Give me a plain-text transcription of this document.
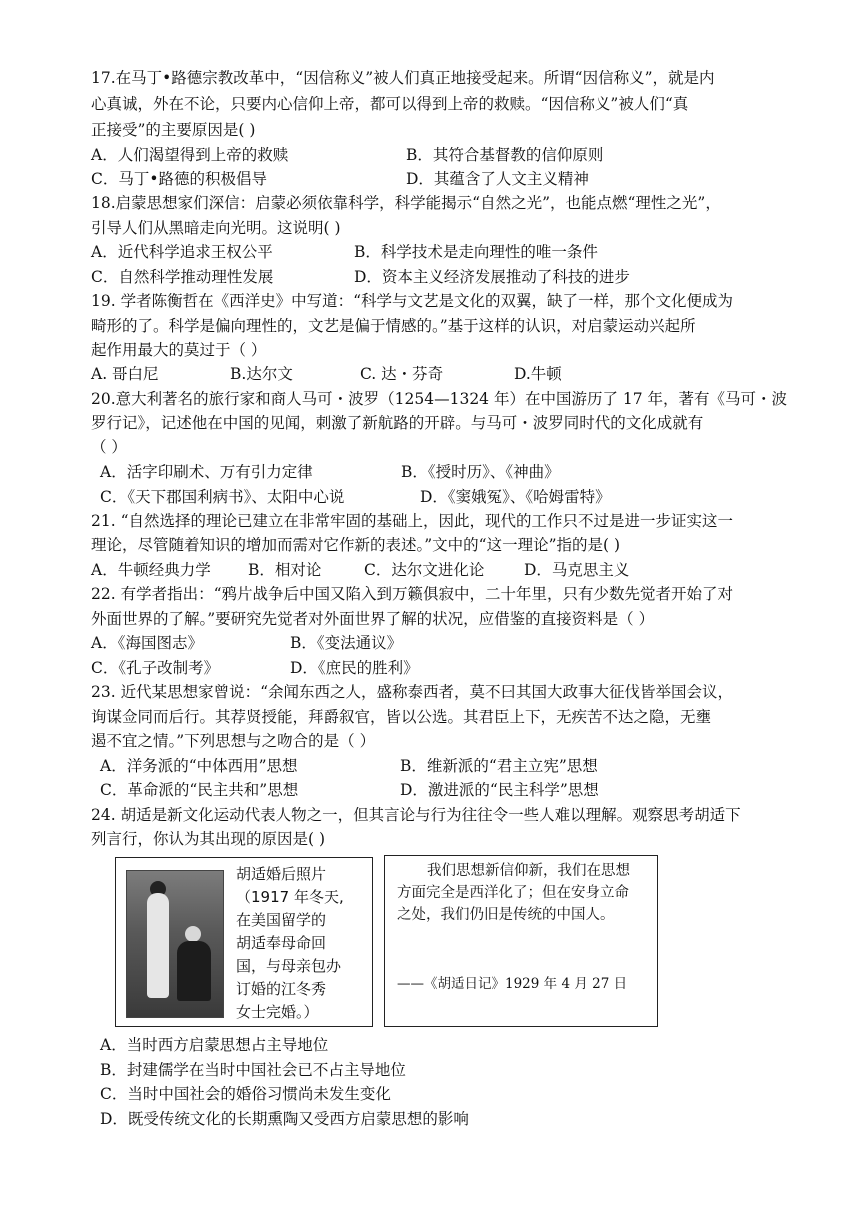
17.在马丁•路德宗教改革中，“因信称义”被人们真正地接受起来。所谓“因信称义”，就是内
心真诚，外在不论，只要内心信仰上帝，都可以得到上帝的救赎。“因信称义”被人们“真
正接受”的主要原因是( )
A．人们渴望得到上帝的救赎	B．其符合基督教的信仰原则
C．马丁•路德的积极倡导	D．其蕴含了人文主义精神
18.启蒙思想家们深信：启蒙必须依靠科学，科学能揭示“自然之光”，也能点燃“理性之光”，
引导人们从黑暗走向光明。这说明( )
A．近代科学追求王权公平	B．科学技术是走向理性的唯一条件
C．自然科学推动理性发展	D．资本主义经济发展推动了科技的进步
19. 学者陈衡哲在《西洋史》中写道：“科学与文艺是文化的双翼，缺了一样，那个文化便成为
畸形的了。科学是偏向理性的，文艺是偏于情感的。”基于这样的认识，对启蒙运动兴起所
起作用最大的莫过于（ ）
A. 哥白尼	B.达尔文	C. 达・芬奇	D.牛顿
20.意大利著名的旅行家和商人马可・波罗（1254—1324 年）在中国游历了 17 年，著有《马可・波
罗行记》，记述他在中国的见闻，刺激了新航路的开辟。与马可・波罗同时代的文化成就有
（ ）
A．活字印刷术、万有引力定律	B．《授时历》、《神曲》
C．《天下郡国利病书》、太阳中心说	D．《窦娥冤》、《哈姆雷特》
21. “自然选择的理论已建立在非常牢固的基础上，因此，现代的工作只不过是进一步证实这一
理论，尽管随着知识的增加而需对它作新的表述。”文中的“这一理论”指的是( )
A．牛顿经典力学 B．相对论	C．达尔文进化论	D．马克思主义
22. 有学者指出：“鸦片战争后中国又陷入到万籁俱寂中，二十年里，只有少数先觉者开始了对
外面世界的了解。”要研究先觉者对外面世界了解的状况，应借鉴的直接资料是（ ）
A．《海国图志》	B．《变法通议》
C．《孔子改制考》	D．《庶民的胜利》
23. 近代某思想家曾说：“余闻东西之人，盛称泰西者，莫不曰其国大政事大征伐皆举国会议，
询谋佥同而后行。其荐贤授能，拜爵叙官，皆以公选。其君臣上下，无疾苦不达之隐，无壅
遏不宜之情。”下列思想与之吻合的是（ ）
A．洋务派的“中体西用”思想	B．维新派的“君主立宪”思想
C．革命派的“民主共和”思想	D．激进派的“民主科学”思想
24. 胡适是新文化运动代表人物之一，但其言论与行为往往令一些人难以理解。观察思考胡适下
列言行，你认为其出现的原因是( )
胡适婚后照片
（1917 年冬天,
在美国留学的
胡适奉母命回
国，与母亲包办
订婚的江冬秀
女士完婚。）
我们思想新信仰新，我们在思想
方面完全是西洋化了；但在安身立命
之处，我们仍旧是传统的中国人。
——《胡适日记》1929 年 4 月 27 日
A．当时西方启蒙思想占主导地位
B．封建儒学在当时中国社会已不占主导地位
C．当时中国社会的婚俗习惯尚未发生变化
D．既受传统文化的长期熏陶又受西方启蒙思想的影响
